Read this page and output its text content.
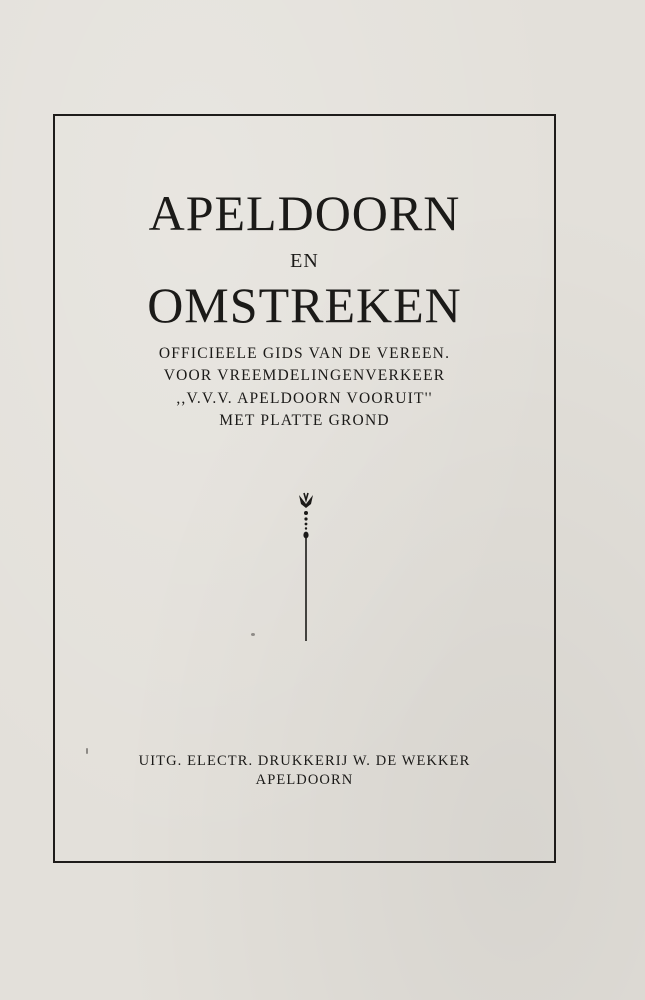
APELDOORN
EN
OMSTREKEN
OFFICIEELE GIDS VAN DE VEREEN.
VOOR VREEMDELINGENVERKEER
,,V.V.V. APELDOORN VOORUIT''
MET PLATTE GROND
UITG. ELECTR. DRUKKERIJ W. DE WEKKER
APELDOORN
